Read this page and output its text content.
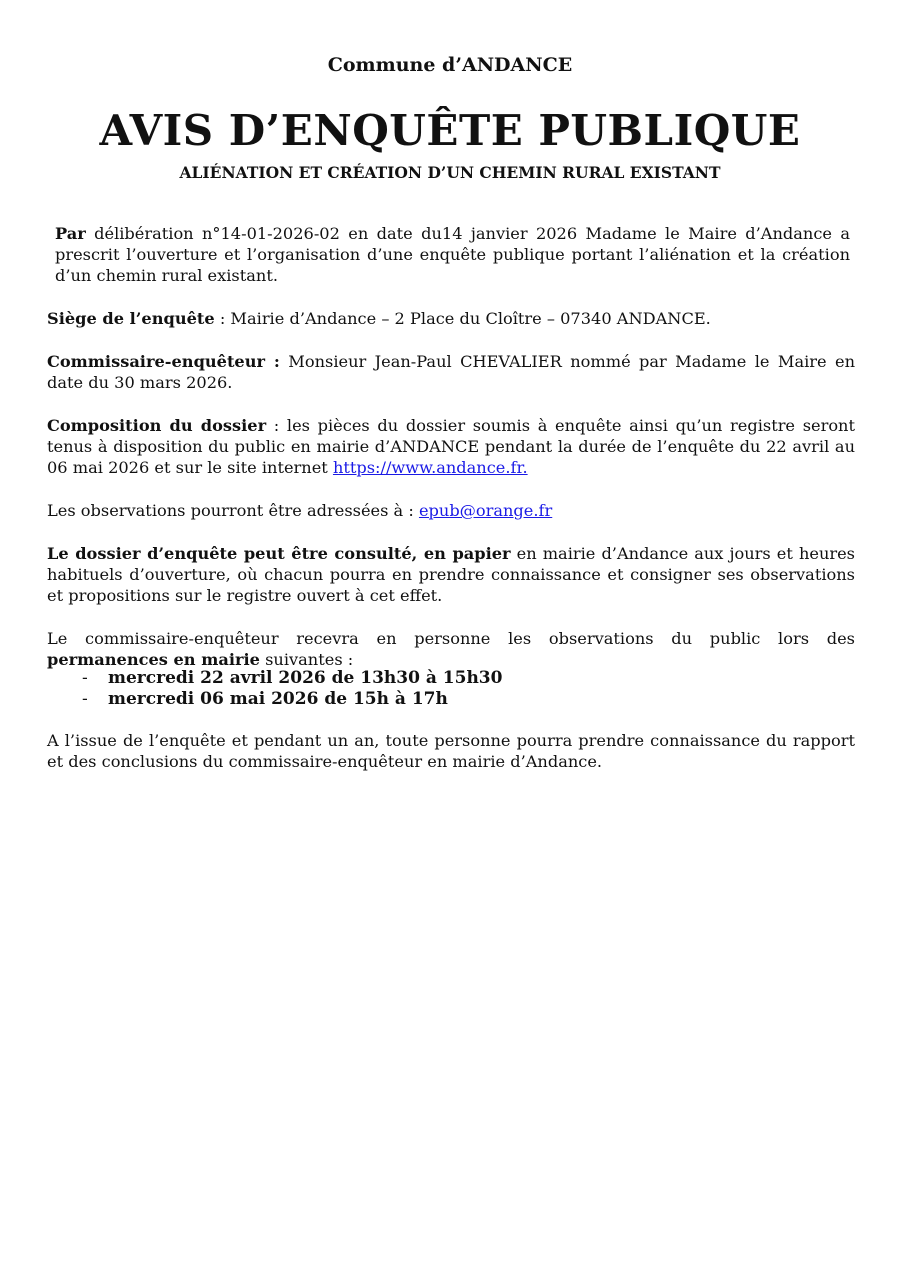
Commune d’ANDANCE
AVIS D’ENQUÊTE PUBLIQUE
ALIÉNATION ET CRÉATION D’UN CHEMIN RURAL EXISTANT
Par délibération n°14-01-2026-02 en date du14 janvier 2026 Madame le Maire d’Andance a prescrit l’ouverture et l’organisation d’une enquête publique portant l’aliénation et la création d’un chemin rural existant.
Siège de l’enquête : Mairie d’Andance – 2 Place du Cloître – 07340 ANDANCE.
Commissaire-enquêteur : Monsieur Jean-Paul CHEVALIER nommé par Madame le Maire en date du 30 mars 2026.
Composition du dossier : les pièces du dossier soumis à enquête ainsi qu’un registre seront tenus à disposition du public en mairie d’ANDANCE pendant la durée de l’enquête du 22 avril au 06 mai 2026 et sur le site internet https://www.andance.fr.
Les observations pourront être adressées à : epub@orange.fr
Le dossier d’enquête peut être consulté, en papier en mairie d’Andance aux jours et heures habituels d’ouverture, où chacun pourra en prendre connaissance et consigner ses observations et propositions sur le registre ouvert à cet effet.
Le commissaire-enquêteur recevra en personne les observations du public lors des permanences en mairie suivantes :
- mercredi 22 avril 2026 de 13h30 à 15h30
- mercredi 06 mai 2026 de 15h à 17h
A l’issue de l’enquête et pendant un an, toute personne pourra prendre connaissance du rapport et des conclusions du commissaire-enquêteur en mairie d’Andance.
